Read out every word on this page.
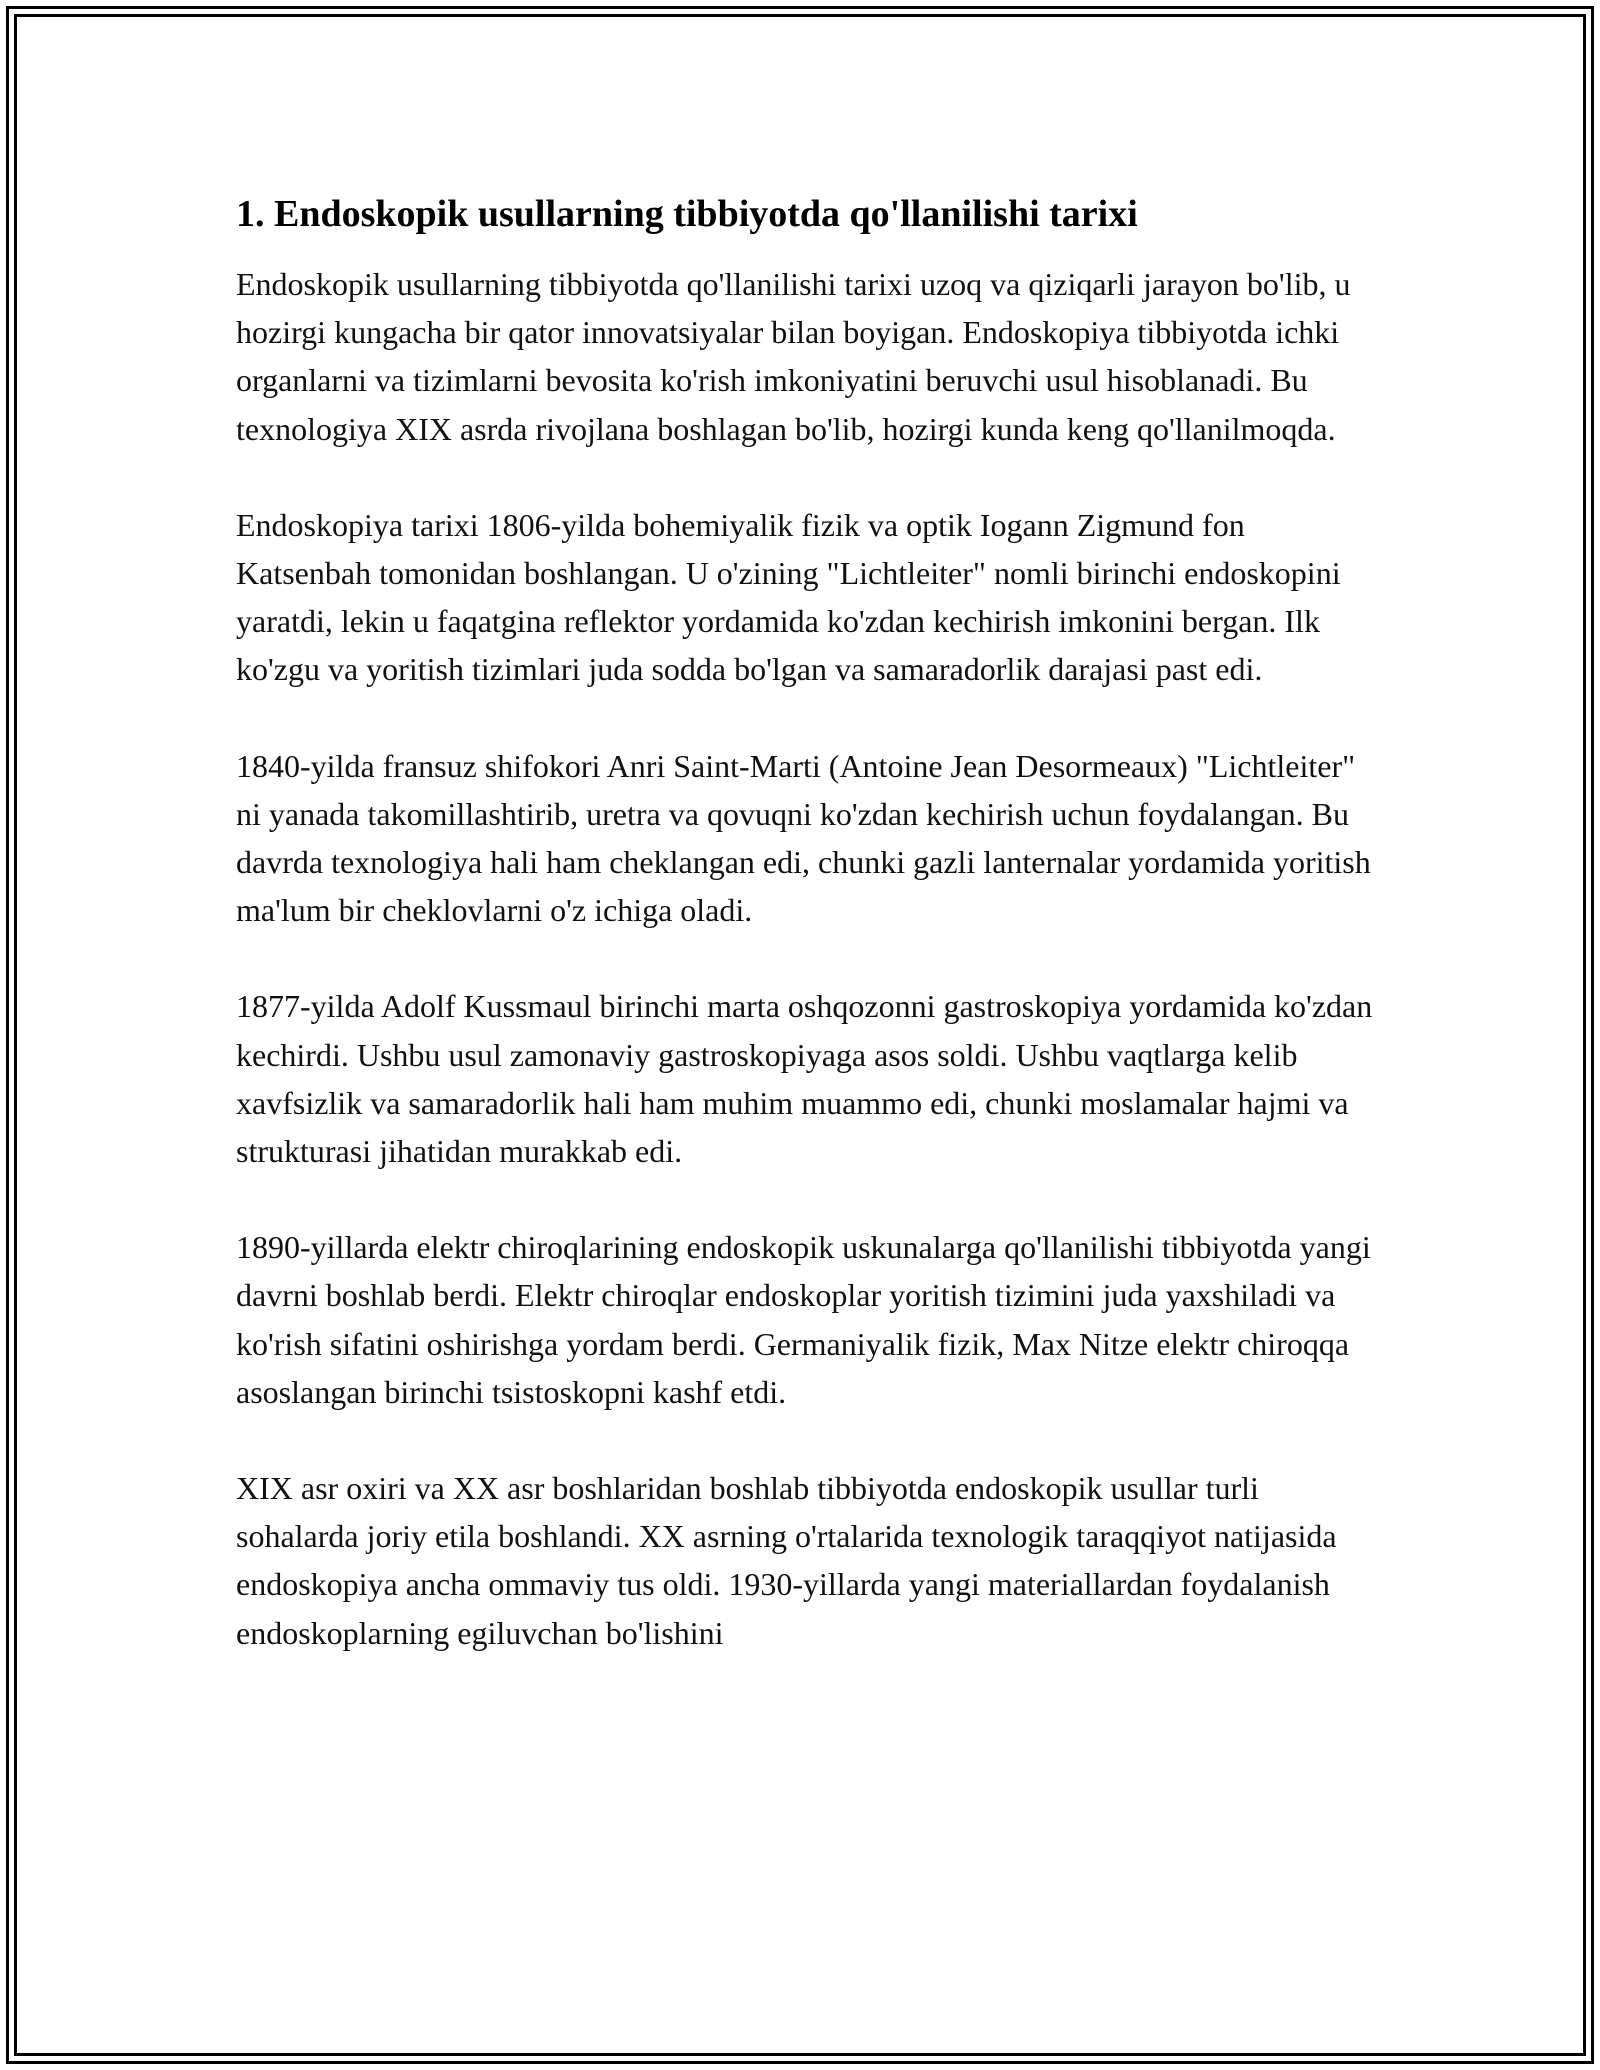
1. Endoskopik usullarning tibbiyotda qo'llanilishi tarixi

Endoskopik usullarning tibbiyotda qo'llanilishi tarixi uzoq va qiziqarli jarayon bo'lib, u hozirgi kungacha bir qator innovatsiyalar bilan boyigan. Endoskopiya tibbiyotda ichki organlarni va tizimlarni bevosita ko'rish imkoniyatini beruvchi usul hisoblanadi. Bu texnologiya XIX asrda rivojlana boshlagan bo'lib, hozirgi kunda keng qo'llanilmoqda.

Endoskopiya tarixi 1806-yilda bohemiyalik fizik va optik Iogann Zigmund fon Katsenbah tomonidan boshlangan. U o'zining "Lichtleiter" nomli birinchi endoskopini yaratdi, lekin u faqatgina reflektor yordamida ko'zdan kechirish imkonini bergan. Ilk ko'zgu va yoritish tizimlari juda sodda bo'lgan va samaradorlik darajasi past edi.

1840-yilda fransuz shifokori Anri Saint-Marti (Antoine Jean Desormeaux) "Lichtleiter" ni yanada takomillashtirib, uretra va qovuqni ko'zdan kechirish uchun foydalangan. Bu davrda texnologiya hali ham cheklangan edi, chunki gazli lanternalar yordamida yoritish ma'lum bir cheklovlarni o'z ichiga oladi.

1877-yilda Adolf Kussmaul birinchi marta oshqozonni gastroskopiya yordamida ko'zdan kechirdi. Ushbu usul zamonaviy gastroskopiyaga asos soldi. Ushbu vaqtlarga kelib xavfsizlik va samaradorlik hali ham muhim muammo edi, chunki moslamalar hajmi va strukturasi jihatidan murakkab edi.

1890-yillarda elektr chiroqlarining endoskopik uskunalarga qo'llanilishi tibbiyotda yangi davrni boshlab berdi. Elektr chiroqlar endoskoplar yoritish tizimini juda yaxshiladi va ko'rish sifatini oshirishga yordam berdi. Germaniyalik fizik, Max Nitze elektr chiroqqa asoslangan birinchi tsistoskopni kashf etdi.

XIX asr oxiri va XX asr boshlaridan boshlab tibbiyotda endoskopik usullar turli sohalarda joriy etila boshlandi. XX asrning o'rtalarida texnologik taraqqiyot natijasida endoskopiya ancha ommaviy tus oldi. 1930-yillarda yangi materiallardan foydalanish endoskoplarning egiluvchan bo'lishini
